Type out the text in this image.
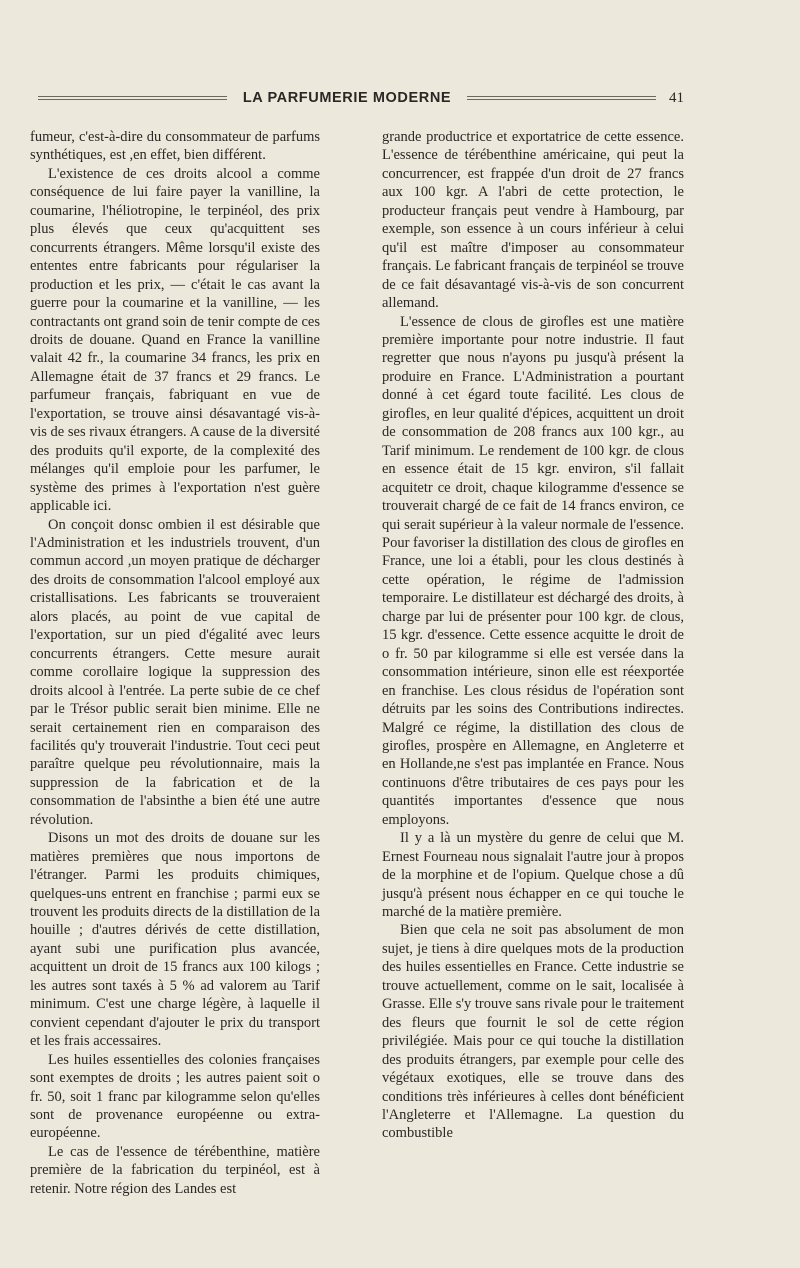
LA PARFUMERIE MODERNE	41

fumeur, c'est-à-dire du consommateur de parfums synthétiques, est ,en effet, bien différent.

L'existence de ces droits alcool a comme conséquence de lui faire payer la vanilline, la coumarine, l'héliotropine, le terpinéol, des prix plus élevés que ceux qu'acquittent ses concurrents étrangers. Même lorsqu'il existe des ententes entre fabricants pour régulariser la production et les prix, — c'était le cas avant la guerre pour la coumarine et la vanilline, — les contractants ont grand soin de tenir compte de ces droits de douane. Quand en France la vanilline valait 42 fr., la coumarine 34 francs, les prix en Allemagne était de 37 francs et 29 francs. Le parfumeur français, fabriquant en vue de l'exportation, se trouve ainsi désavantagé vis-à-vis de ses rivaux étrangers. A cause de la diversité des produits qu'il exporte, de la complexité des mélanges qu'il emploie pour les parfumer, le système des primes à l'exportation n'est guère applicable ici.

On conçoit donsc ombien il est désirable que l'Administration et les industriels trouvent, d'un commun accord ,un moyen pratique de décharger des droits de consommation l'alcool employé aux cristallisations. Les fabricants se trouveraient alors placés, au point de vue capital de l'exportation, sur un pied d'égalité avec leurs concurrents étrangers. Cette mesure aurait comme corollaire logique la suppression des droits alcool à l'entrée. La perte subie de ce chef par le Trésor public serait bien minime. Elle ne serait certainement rien en comparaison des facilités qu'y trouverait l'industrie. Tout ceci peut paraître quelque peu révolutionnaire, mais la suppression de la fabrication et de la consommation de l'absinthe a bien été une autre révolution.

Disons un mot des droits de douane sur les matières premières que nous importons de l'étranger. Parmi les produits chimiques, quelques-uns entrent en franchise ; parmi eux se trouvent les produits directs de la distillation de la houille ; d'autres dérivés de cette distillation, ayant subi une purification plus avancée, acquittent un droit de 15 francs aux 100 kilogs ; les autres sont taxés à 5 % ad valorem au Tarif minimum. C'est une charge légère, à laquelle il convient cependant d'ajouter le prix du transport et les frais accessaires.

Les huiles essentielles des colonies françaises sont exemptes de droits ; les autres paient soit o fr. 50, soit 1 franc par kilogramme selon qu'elles sont de provenance européenne ou extra-européenne.

Le cas de l'essence de térébenthine, matière première de la fabrication du terpinéol, est à retenir. Notre région des Landes est

grande productrice et exportatrice de cette essence. L'essence de térébenthine américaine, qui peut la concurrencer, est frappée d'un droit de 27 francs aux 100 kgr. A l'abri de cette protection, le producteur français peut vendre à Hambourg, par exemple, son essence à un cours inférieur à celui qu'il est maître d'imposer au consommateur français. Le fabricant français de terpinéol se trouve de ce fait désavantagé vis-à-vis de son concurrent allemand.

L'essence de clous de girofles est une matière première importante pour notre industrie. Il faut regretter que nous n'ayons pu jusqu'à présent la produire en France. L'Administration a pourtant donné à cet égard toute facilité. Les clous de girofles, en leur qualité d'épices, acquittent un droit de consommation de 208 francs aux 100 kgr., au Tarif minimum. Le rendement de 100 kgr. de clous en essence était de 15 kgr. environ, s'il fallait acquitetr ce droit, chaque kilogramme d'essence se trouverait chargé de ce fait de 14 francs environ, ce qui serait supérieur à la valeur normale de l'essence. Pour favoriser la distillation des clous de girofles en France, une loi a établi, pour les clous destinés à cette opération, le régime de l'admission temporaire. Le distillateur est déchargé des droits, à charge par lui de présenter pour 100 kgr. de clous, 15 kgr. d'essence. Cette essence acquitte le droit de o fr. 50 par kilogramme si elle est versée dans la consommation intérieure, sinon elle est réexportée en franchise. Les clous résidus de l'opération sont détruits par les soins des Contributions indirectes. Malgré ce régime, la distillation des clous de girofles, prospère en Allemagne, en Angleterre et en Hollande,ne s'est pas implantée en France. Nous continuons d'être tributaires de ces pays pour les quantités importantes d'essence que nous employons.

Il y a là un mystère du genre de celui que M. Ernest Fourneau nous signalait l'autre jour à propos de la morphine et de l'opium. Quelque chose a dû jusqu'à présent nous échapper en ce qui touche le marché de la matière première.

Bien que cela ne soit pas absolument de mon sujet, je tiens à dire quelques mots de la production des huiles essentielles en France. Cette industrie se trouve actuellement, comme on le sait, localisée à Grasse. Elle s'y trouve sans rivale pour le traitement des fleurs que fournit le sol de cette région privilégiée. Mais pour ce qui touche la distillation des produits étrangers, par exemple pour celle des végétaux exotiques, elle se trouve dans des conditions très inférieures à celles dont bénéficient l'Angleterre et l'Allemagne. La question du combustible
